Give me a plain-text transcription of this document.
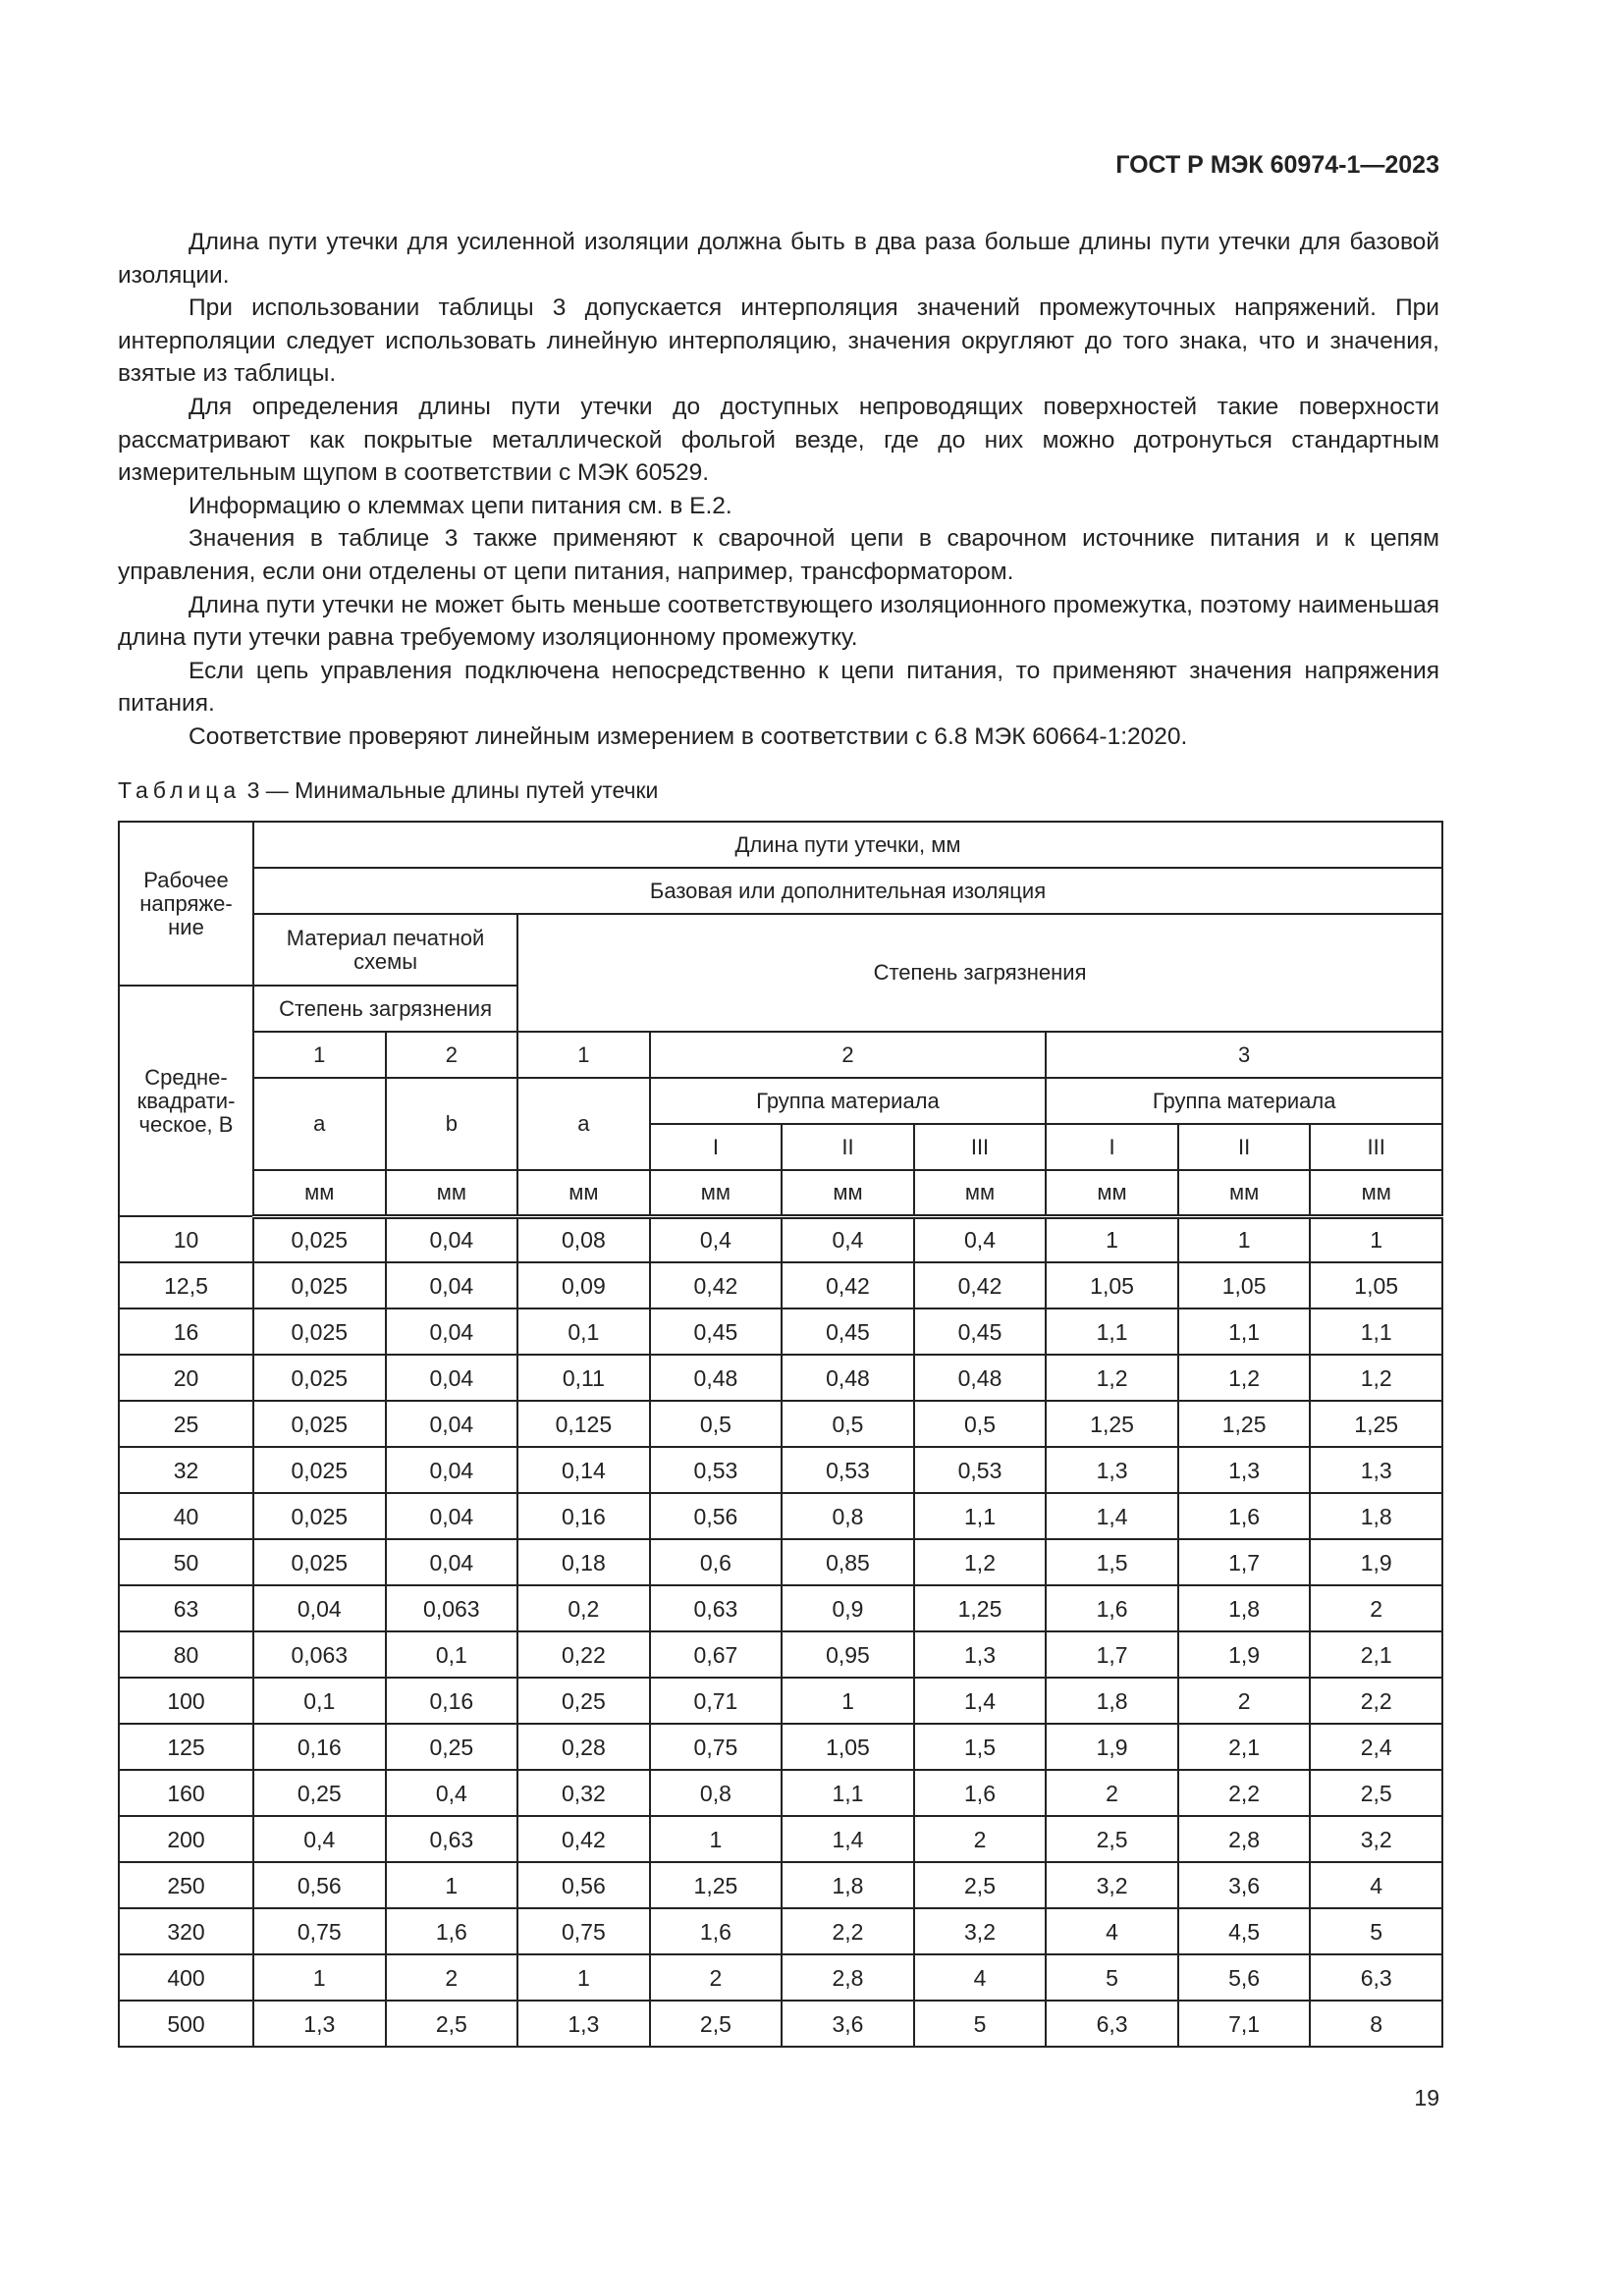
ГОСТ Р МЭК 60974-1—2023

Длина пути утечки для усиленной изоляции должна быть в два раза больше длины пути утечки для базовой изоляции.

При использовании таблицы 3 допускается интерполяция значений промежуточных напряжений. При интерполяции следует использовать линейную интерполяцию, значения округляют до того знака, что и значения, взятые из таблицы.

Для определения длины пути утечки до доступных непроводящих поверхностей такие поверхности рассматривают как покрытые металлической фольгой везде, где до них можно дотронуться стандартным измерительным щупом в соответствии с МЭК 60529.

Информацию о клеммах цепи питания см. в Е.2.

Значения в таблице 3 также применяют к сварочной цепи в сварочном источнике питания и к цепям управления, если они отделены от цепи питания, например, трансформатором.

Длина пути утечки не может быть меньше соответствующего изоляционного промежутка, поэтому наименьшая длина пути утечки равна требуемому изоляционному промежутку.

Если цепь управления подключена непосредственно к цепи питания, то применяют значения напряжения питания.

Соответствие проверяют линейным измерением в соответствии с 6.8 МЭК 60664-1:2020.

Таблица 3 — Минимальные длины путей утечки
Рабочее напряже-ние	Длина пути утечки, мм								
	Базовая или дополнительная изоляция								
	Материал печатной схемы		Степень загрязнения						
Средне-квадрати-ческое, В	Степень загрязнения								
	1	2	1	2			3		
	a	b	a	Группа материала			Группа материала		
				I	II	III	I	II	III
	мм	мм	мм	мм	мм	мм	мм	мм	мм
10	0,025	0,04	0,08	0,4	0,4	0,4	1	1	1
12,5	0,025	0,04	0,09	0,42	0,42	0,42	1,05	1,05	1,05
16	0,025	0,04	0,1	0,45	0,45	0,45	1,1	1,1	1,1
20	0,025	0,04	0,11	0,48	0,48	0,48	1,2	1,2	1,2
25	0,025	0,04	0,125	0,5	0,5	0,5	1,25	1,25	1,25
32	0,025	0,04	0,14	0,53	0,53	0,53	1,3	1,3	1,3
40	0,025	0,04	0,16	0,56	0,8	1,1	1,4	1,6	1,8
50	0,025	0,04	0,18	0,6	0,85	1,2	1,5	1,7	1,9
63	0,04	0,063	0,2	0,63	0,9	1,25	1,6	1,8	2
80	0,063	0,1	0,22	0,67	0,95	1,3	1,7	1,9	2,1
100	0,1	0,16	0,25	0,71	1	1,4	1,8	2	2,2
125	0,16	0,25	0,28	0,75	1,05	1,5	1,9	2,1	2,4
160	0,25	0,4	0,32	0,8	1,1	1,6	2	2,2	2,5
200	0,4	0,63	0,42	1	1,4	2	2,5	2,8	3,2
250	0,56	1	0,56	1,25	1,8	2,5	3,2	3,6	4
320	0,75	1,6	0,75	1,6	2,2	3,2	4	4,5	5
400	1	2	1	2	2,8	4	5	5,6	6,3
500	1,3	2,5	1,3	2,5	3,6	5	6,3	7,1	8
19
